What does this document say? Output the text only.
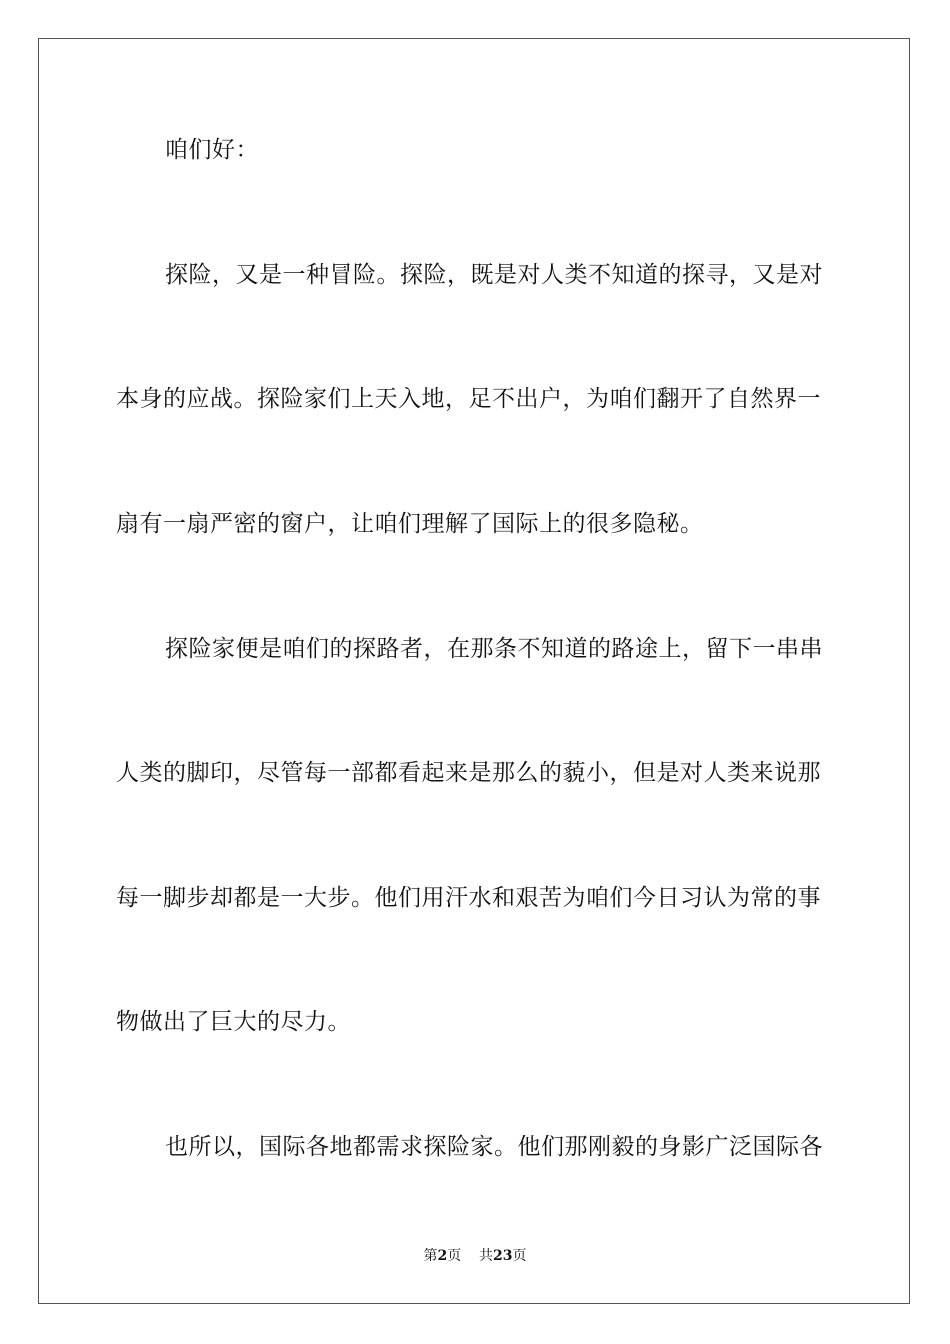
咱们好：
探险，又是一种冒险。探险，既是对人类不知道的探寻，又是对
本身的应战。探险家们上天入地，足不出户，为咱们翻开了自然界一
扇有一扇严密的窗户，让咱们理解了国际上的很多隐秘。
探险家便是咱们的探路者，在那条不知道的路途上，留下一串串
人类的脚印，尽管每一部都看起来是那么的藐小，但是对人类来说那
每一脚步却都是一大步。他们用汗水和艰苦为咱们今日习认为常的事
物做出了巨大的尽力。
也所以，国际各地都需求探险家。他们那刚毅的身影广泛国际各
第2页 共23页
